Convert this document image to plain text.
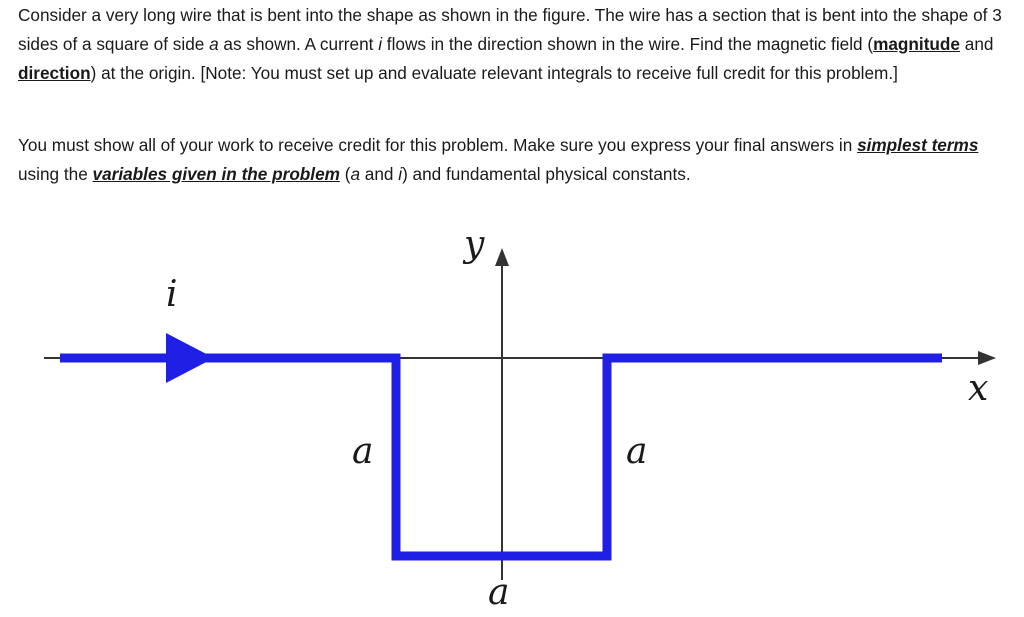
Consider a very long wire that is bent into the shape as shown in the figure. The wire has a section that is bent into the shape of 3 sides of a square of side a as shown. A current i flows in the direction shown in the wire. Find the magnetic field (magnitude and direction) at the origin. [Note: You must set up and evaluate relevant integrals to receive full credit for this problem.]

You must show all of your work to receive credit for this problem. Make sure you express your final answers in simplest terms using the variables given in the problem (a and i) and fundamental physical constants.

i
y
x
a	a
a
